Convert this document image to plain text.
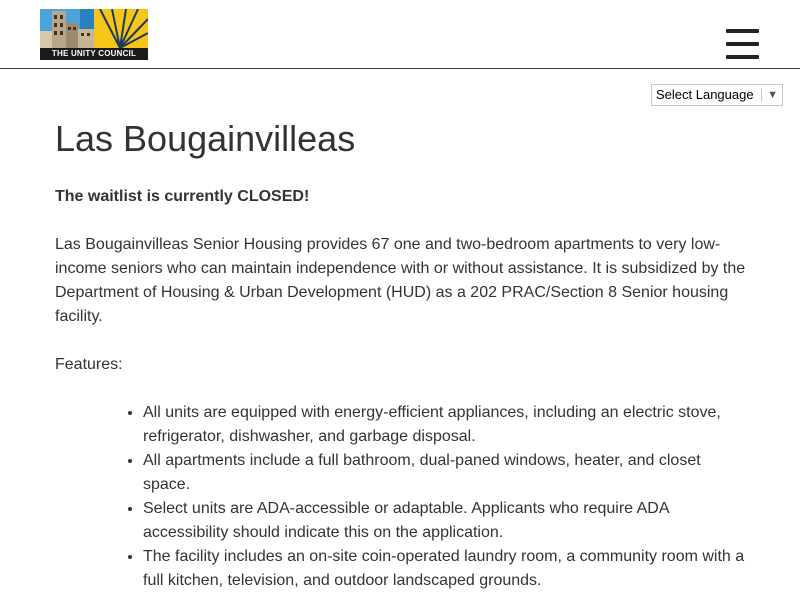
THE UNITY COUNCIL
Select Language	▼
Las Bougainvilleas

The waitlist is currently CLOSED!

Las Bougainvilleas Senior Housing provides 67 one and two-bedroom apartments to very low-income seniors who can maintain independence with or without assistance. It is subsidized by the Department of Housing & Urban Development (HUD) as a 202 PRAC/Section 8 Senior housing facility.

Features:

• All units are equipped with energy-efficient appliances, including an electric stove, refrigerator, dishwasher, and garbage disposal.
• All apartments include a full bathroom, dual-paned windows, heater, and closet space.
• Select units are ADA-accessible or adaptable. Applicants who require ADA accessibility should indicate this on the application.
• The facility includes an on-site coin-operated laundry room, a community room with a full kitchen, television, and outdoor landscaped grounds.
